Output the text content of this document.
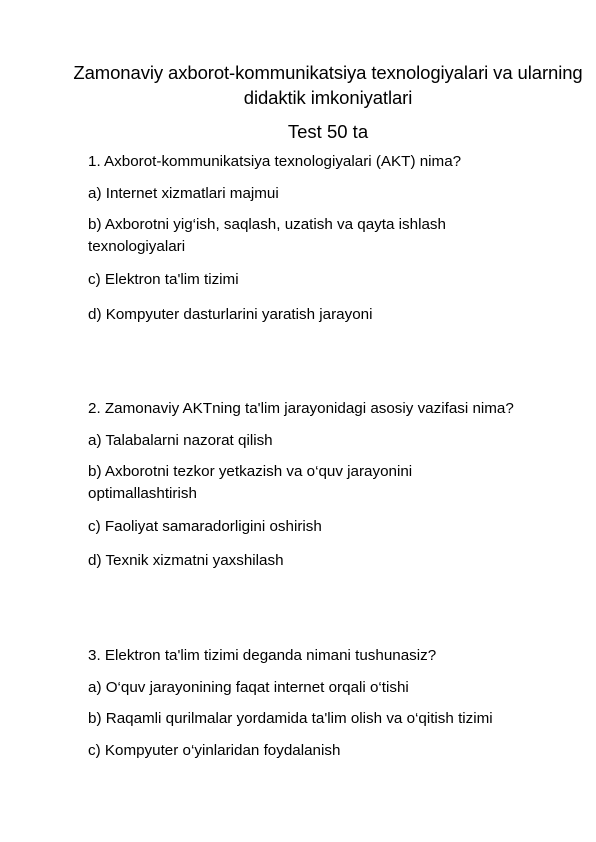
Zamonaviy axborot-kommunikatsiya texnologiyalari va ularning didaktik imkoniyatlari
Test 50 ta
1. Axborot-kommunikatsiya texnologiyalari (AKT) nima?
a) Internet xizmatlari majmui
b) Axborotni yig‘ish, saqlash, uzatish va qayta ishlash texnologiyalari
c) Elektron ta'lim tizimi
d) Kompyuter dasturlarini yaratish jarayoni
2. Zamonaviy AKTning ta'lim jarayonidagi asosiy vazifasi nima?
a) Talabalarni nazorat qilish
b) Axborotni tezkor yetkazish va o‘quv jarayonini optimallashtirish
c) Faoliyat samaradorligini oshirish
d) Texnik xizmatni yaxshilash
3. Elektron ta'lim tizimi deganda nimani tushunasiz?
a) O‘quv jarayonining faqat internet orqali o‘tishi
b) Raqamli qurilmalar yordamida ta'lim olish va o‘qitish tizimi
c) Kompyuter o‘yinlaridan foydalanish
